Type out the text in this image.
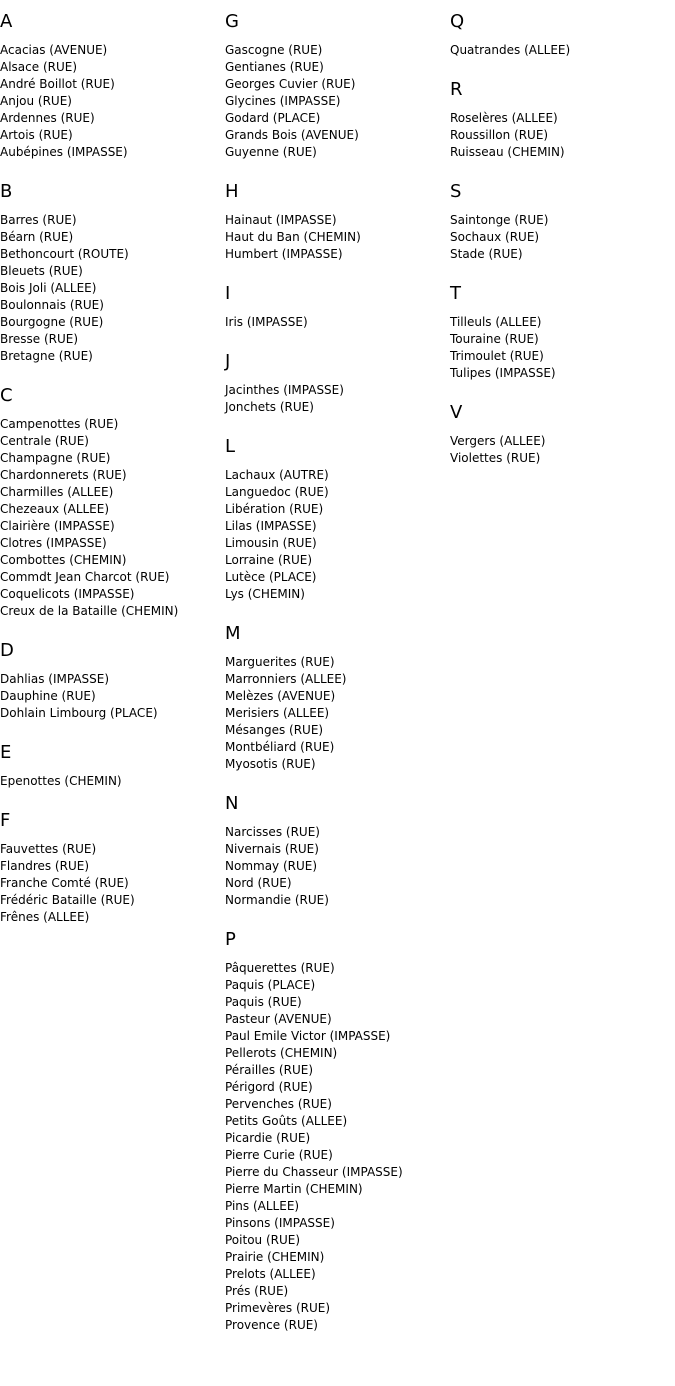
A
Acacias (AVENUE)
Alsace (RUE)
André Boillot (RUE)
Anjou (RUE)
Ardennes (RUE)
Artois (RUE)
Aubépines (IMPASSE)
B
Barres (RUE)
Béarn (RUE)
Bethoncourt (ROUTE)
Bleuets (RUE)
Bois Joli (ALLEE)
Boulonnais (RUE)
Bourgogne (RUE)
Bresse (RUE)
Bretagne (RUE)
C
Campenottes (RUE)
Centrale (RUE)
Champagne (RUE)
Chardonnerets (RUE)
Charmilles (ALLEE)
Chezeaux (ALLEE)
Clairière (IMPASSE)
Clotres (IMPASSE)
Combottes (CHEMIN)
Commdt Jean Charcot (RUE)
Coquelicots (IMPASSE)
Creux de la Bataille (CHEMIN)
D
Dahlias (IMPASSE)
Dauphine (RUE)
Dohlain Limbourg (PLACE)
E
Epenottes (CHEMIN)
F
Fauvettes (RUE)
Flandres (RUE)
Franche Comté (RUE)
Frédéric Bataille (RUE)
Frênes (ALLEE)
G
Gascogne (RUE)
Gentianes (RUE)
Georges Cuvier (RUE)
Glycines (IMPASSE)
Godard (PLACE)
Grands Bois (AVENUE)
Guyenne (RUE)
H
Hainaut (IMPASSE)
Haut du Ban (CHEMIN)
Humbert (IMPASSE)
I
Iris (IMPASSE)
J
Jacinthes (IMPASSE)
Jonchets (RUE)
L
Lachaux (AUTRE)
Languedoc (RUE)
Libération (RUE)
Lilas (IMPASSE)
Limousin (RUE)
Lorraine (RUE)
Lutèce (PLACE)
Lys (CHEMIN)
M
Marguerites (RUE)
Marronniers (ALLEE)
Melèzes (AVENUE)
Merisiers (ALLEE)
Mésanges (RUE)
Montbéliard (RUE)
Myosotis (RUE)
N
Narcisses (RUE)
Nivernais (RUE)
Nommay (RUE)
Nord (RUE)
Normandie (RUE)
P
Pâquerettes (RUE)
Paquis (PLACE)
Paquis (RUE)
Pasteur (AVENUE)
Paul Emile Victor (IMPASSE)
Pellerots (CHEMIN)
Pérailles (RUE)
Périgord (RUE)
Pervenches (RUE)
Petits Goûts (ALLEE)
Picardie (RUE)
Pierre Curie (RUE)
Pierre du Chasseur (IMPASSE)
Pierre Martin (CHEMIN)
Pins (ALLEE)
Pinsons (IMPASSE)
Poitou (RUE)
Prairie (CHEMIN)
Prelots (ALLEE)
Prés (RUE)
Primevères (RUE)
Provence (RUE)
Q
Quatrandes (ALLEE)
R
Roselères (ALLEE)
Roussillon (RUE)
Ruisseau (CHEMIN)
S
Saintonge (RUE)
Sochaux (RUE)
Stade (RUE)
T
Tilleuls (ALLEE)
Touraine (RUE)
Trimoulet (RUE)
Tulipes (IMPASSE)
V
Vergers (ALLEE)
Violettes (RUE)
